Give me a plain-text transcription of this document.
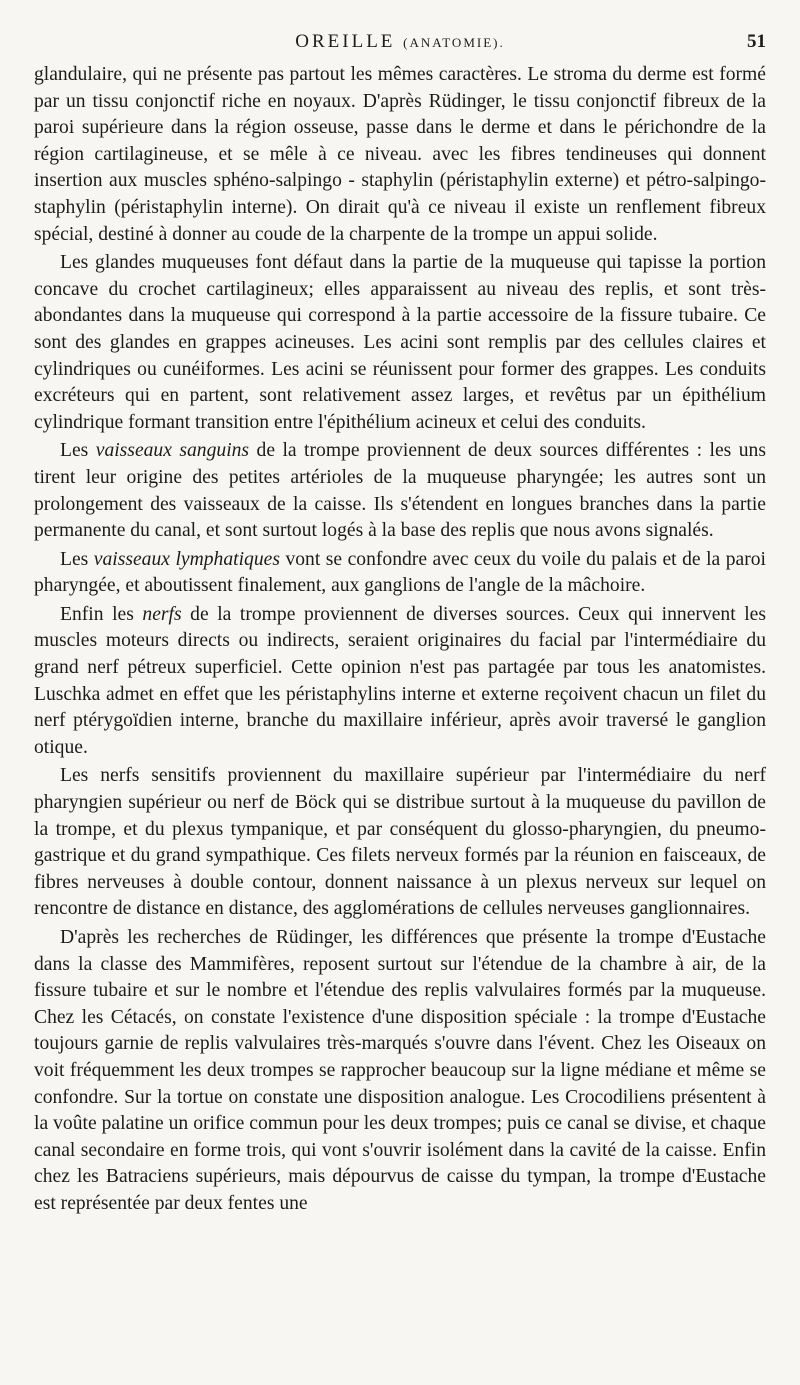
OREILLE (ANATOMIE).	51

glandulaire, qui ne présente pas partout les mêmes caractères. Le stroma du derme est formé par un tissu conjonctif riche en noyaux. D'après Rüdinger, le tissu conjonctif fibreux de la paroi supérieure dans la région osseuse, passe dans le derme et dans le périchondre de la région cartilagineuse, et se mêle à ce niveau. avec les fibres tendineuses qui donnent insertion aux muscles sphéno-salpingo - staphylin (péristaphylin externe) et pétro-salpingo-staphylin (péristaphylin interne). On dirait qu'à ce niveau il existe un renflement fibreux spécial, destiné à donner au coude de la charpente de la trompe un appui solide.

Les glandes muqueuses font défaut dans la partie de la muqueuse qui tapisse la portion concave du crochet cartilagineux; elles apparaissent au niveau des replis, et sont très-abondantes dans la muqueuse qui correspond à la partie accessoire de la fissure tubaire. Ce sont des glandes en grappes acineuses. Les acini sont remplis par des cellules claires et cylindriques ou cunéiformes. Les acini se réunissent pour former des grappes. Les conduits excréteurs qui en partent, sont relativement assez larges, et revêtus par un épithélium cylindrique formant transition entre l'épithélium acineux et celui des conduits.

Les vaisseaux sanguins de la trompe proviennent de deux sources différentes : les uns tirent leur origine des petites artérioles de la muqueuse pharyngée; les autres sont un prolongement des vaisseaux de la caisse. Ils s'étendent en longues branches dans la partie permanente du canal, et sont surtout logés à la base des replis que nous avons signalés.

Les vaisseaux lymphatiques vont se confondre avec ceux du voile du palais et de la paroi pharyngée, et aboutissent finalement, aux ganglions de l'angle de la mâchoire.

Enfin les nerfs de la trompe proviennent de diverses sources. Ceux qui innervent les muscles moteurs directs ou indirects, seraient originaires du facial par l'intermédiaire du grand nerf pétreux superficiel. Cette opinion n'est pas partagée par tous les anatomistes. Luschka admet en effet que les péristaphylins interne et externe reçoivent chacun un filet du nerf ptérygoïdien interne, branche du maxillaire inférieur, après avoir traversé le ganglion otique.

Les nerfs sensitifs proviennent du maxillaire supérieur par l'intermédiaire du nerf pharyngien supérieur ou nerf de Böck qui se distribue surtout à la muqueuse du pavillon de la trompe, et du plexus tympanique, et par conséquent du glosso-pharyngien, du pneumo-gastrique et du grand sympathique. Ces filets nerveux formés par la réunion en faisceaux, de fibres nerveuses à double contour, donnent naissance à un plexus nerveux sur lequel on rencontre de distance en distance, des agglomérations de cellules nerveuses ganglionnaires.

D'après les recherches de Rüdinger, les différences que présente la trompe d'Eustache dans la classe des Mammifères, reposent surtout sur l'étendue de la chambre à air, de la fissure tubaire et sur le nombre et l'étendue des replis valvulaires formés par la muqueuse. Chez les Cétacés, on constate l'existence d'une disposition spéciale : la trompe d'Eustache toujours garnie de replis valvulaires très-marqués s'ouvre dans l'évent. Chez les Oiseaux on voit fréquemment les deux trompes se rapprocher beaucoup sur la ligne médiane et même se confondre. Sur la tortue on constate une disposition analogue. Les Crocodiliens présentent à la voûte palatine un orifice commun pour les deux trompes; puis ce canal se divise, et chaque canal secondaire en forme trois, qui vont s'ouvrir isolément dans la cavité de la caisse. Enfin chez les Batraciens supérieurs, mais dépourvus de caisse du tympan, la trompe d'Eustache est représentée par deux fentes une
